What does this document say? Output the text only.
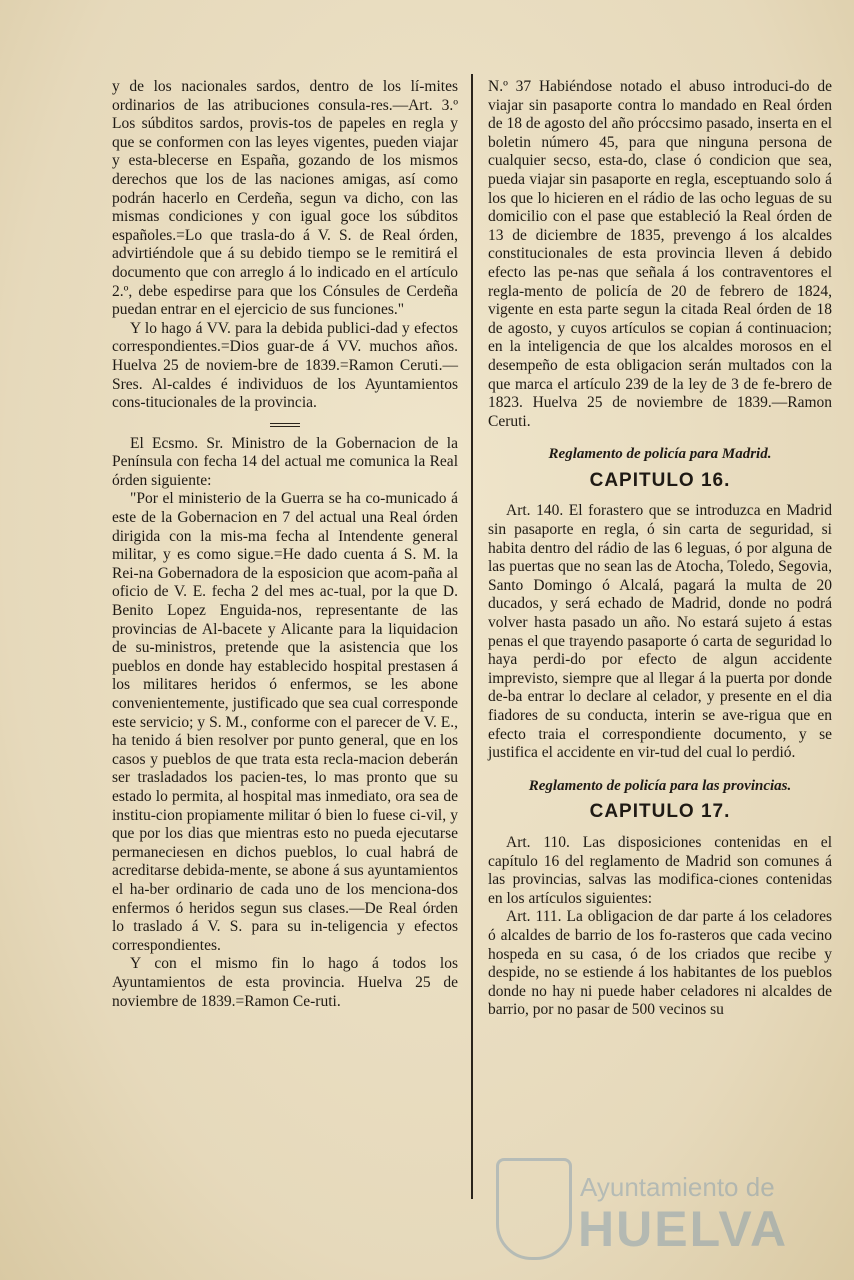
y de los nacionales sardos, dentro de los lí-mites ordinarios de las atribuciones consula-res.—Art. 3.º Los súbditos sardos, provis-tos de papeles en regla y que se conformen con las leyes vigentes, pueden viajar y esta-blecerse en España, gozando de los mismos derechos que los de las naciones amigas, así como podrán hacerlo en Cerdeña, segun va dicho, con las mismas condiciones y con igual goce los súbditos españoles.=Lo que trasla-do á V. S. de Real órden, advirtiéndole que á su debido tiempo se le remitirá el documento que con arreglo á lo indicado en el artículo 2.º, debe espedirse para que los Cónsules de Cerdeña puedan entrar en el ejercicio de sus funciones."

Y lo hago á VV. para la debida publici-dad y efectos correspondientes.=Dios guar-de á VV. muchos años. Huelva 25 de noviem-bre de 1839.=Ramon Ceruti.—Sres. Al-caldes é individuos de los Ayuntamientos cons-titucionales de la provincia.

El Ecsmo. Sr. Ministro de la Gobernacion de la Península con fecha 14 del actual me comunica la Real órden siguiente:

"Por el ministerio de la Guerra se ha co-municado á este de la Gobernacion en 7 del actual una Real órden dirigida con la mis-ma fecha al Intendente general militar, y es como sigue.=He dado cuenta á S. M. la Rei-na Gobernadora de la esposicion que acom-paña al oficio de V. E. fecha 2 del mes ac-tual, por la que D. Benito Lopez Enguida-nos, representante de las provincias de Al-bacete y Alicante para la liquidacion de su-ministros, pretende que la asistencia que los pueblos en donde hay establecido hospital prestasen á los militares heridos ó enfermos, se les abone convenientemente, justificado que sea cual corresponde este servicio; y S. M., conforme con el parecer de V. E., ha tenido á bien resolver por punto general, que en los casos y pueblos de que trata esta recla-macion deberán ser trasladados los pacien-tes, lo mas pronto que su estado lo permita, al hospital mas inmediato, ora sea de institu-cion propiamente militar ó bien lo fuese ci-vil, y que por los dias que mientras esto no pueda ejecutarse permaneciesen en dichos pueblos, lo cual habrá de acreditarse debida-mente, se abone á sus ayuntamientos el ha-ber ordinario de cada uno de los menciona-dos enfermos ó heridos segun sus clases.—De Real órden lo traslado á V. S. para su in-teligencia y efectos correspondientes.

Y con el mismo fin lo hago á todos los Ayuntamientos de esta provincia. Huelva 25 de noviembre de 1839.=Ramon Ce-ruti.

N.º 37 Habiéndose notado el abuso introduci-do de viajar sin pasaporte contra lo mandado en Real órden de 18 de agosto del año próccsimo pasado, inserta en el boletin número 45, para que ninguna persona de cualquier secso, esta-do, clase ó condicion que sea, pueda viajar sin pasaporte en regla, esceptuando solo á los que lo hicieren en el rádio de las ocho leguas de su domicilio con el pase que estableció la Real órden de 13 de diciembre de 1835, prevengo á los alcaldes constitucionales de esta provincia lleven á debido efecto las pe-nas que señala á los contraventores el regla-mento de policía de 20 de febrero de 1824, vigente en esta parte segun la citada Real órden de 18 de agosto, y cuyos artículos se copian á continuacion; en la inteligencia de que los alcaldes morosos en el desempeño de esta obligacion serán multados con la que marca el artículo 239 de la ley de 3 de fe-brero de 1823. Huelva 25 de noviembre de 1839.—Ramon Ceruti.

Reglamento de policía para Madrid.
CAPITULO 16.

Art. 140. El forastero que se introduzca en Madrid sin pasaporte en regla, ó sin carta de seguridad, si habita dentro del rádio de las 6 leguas, ó por alguna de las puertas que no sean las de Atocha, Toledo, Segovia, Santo Domingo ó Alcalá, pagará la multa de 20 ducados, y será echado de Madrid, donde no podrá volver hasta pasado un año. No estará sujeto á estas penas el que trayendo pasaporte ó carta de seguridad lo haya perdi-do por efecto de algun accidente imprevisto, siempre que al llegar á la puerta por donde de-ba entrar lo declare al celador, y presente en el dia fiadores de su conducta, interin se ave-rigua que en efecto traia el correspondiente documento, y se justifica el accidente en vir-tud del cual lo perdió.

Reglamento de policía para las provincias.
CAPITULO 17.

Art. 110. Las disposiciones contenidas en el capítulo 16 del reglamento de Madrid son comunes á las provincias, salvas las modifica-ciones contenidas en los artículos siguientes:

Art. 111. La obligacion de dar parte á los celadores ó alcaldes de barrio de los fo-rasteros que cada vecino hospeda en su casa, ó de los criados que recibe y despide, no se estiende á los habitantes de los pueblos donde no hay ni puede haber celadores ni alcaldes de barrio, por no pasar de 500 vecinos su

Ayuntamiento de
HUELVA
